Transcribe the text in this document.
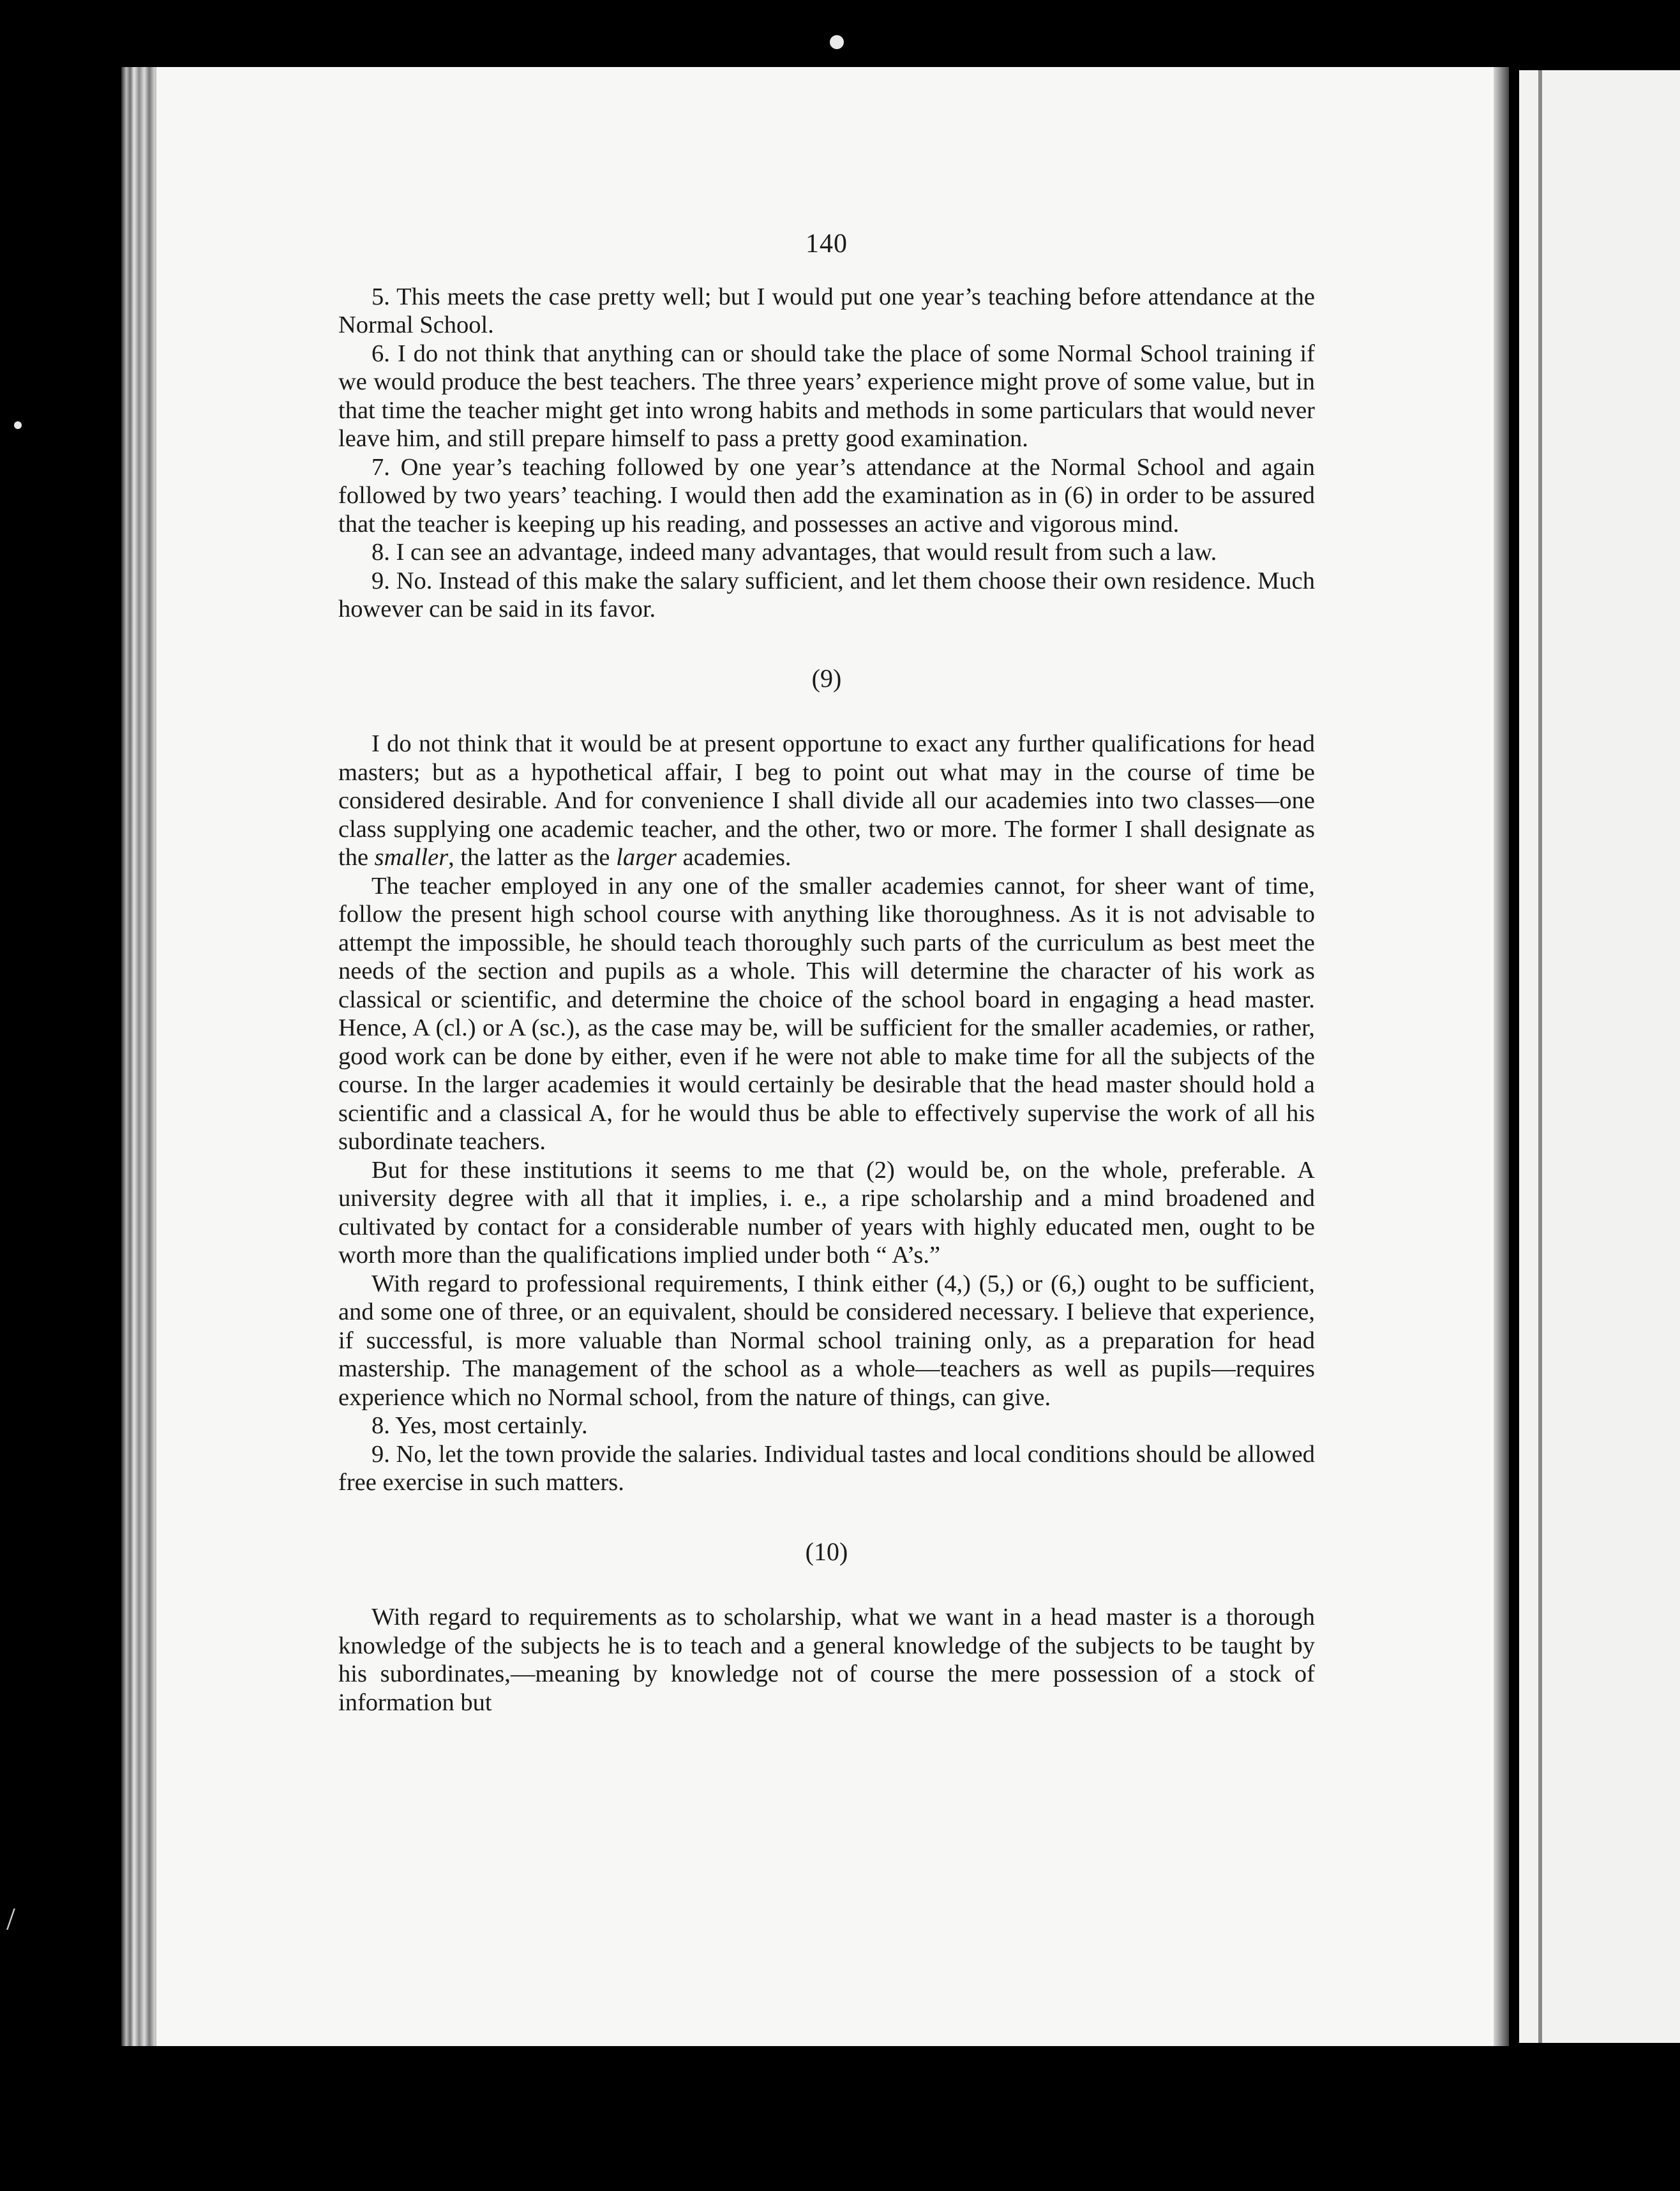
/
140

5. This meets the case pretty well; but I would put one year’s teaching before attendance at the Normal School.

6. I do not think that anything can or should take the place of some Normal School training if we would produce the best teachers. The three years’ experience might prove of some value, but in that time the teacher might get into wrong habits and methods in some particulars that would never leave him, and still prepare himself to pass a pretty good examination.

7. One year’s teaching followed by one year’s attendance at the Normal School and again followed by two years’ teaching. I would then add the examination as in (6) in order to be assured that the teacher is keeping up his reading, and possesses an active and vigorous mind.

8. I can see an advantage, indeed many advantages, that would result from such a law.

9. No. Instead of this make the salary sufficient, and let them choose their own residence. Much however can be said in its favor.

(9)

I do not think that it would be at present opportune to exact any further qualifications for head masters; but as a hypothetical affair, I beg to point out what may in the course of time be considered desirable. And for convenience I shall divide all our academies into two classes—one class supplying one academic teacher, and the other, two or more. The former I shall designate as the smaller, the latter as the larger academies.

The teacher employed in any one of the smaller academies cannot, for sheer want of time, follow the present high school course with anything like thoroughness. As it is not advisable to attempt the impossible, he should teach thoroughly such parts of the curriculum as best meet the needs of the section and pupils as a whole. This will determine the character of his work as classical or scientific, and determine the choice of the school board in engaging a head master. Hence, A (cl.) or A (sc.), as the case may be, will be sufficient for the smaller academies, or rather, good work can be done by either, even if he were not able to make time for all the subjects of the course. In the larger academies it would certainly be desirable that the head master should hold a scientific and a classical A, for he would thus be able to effectively supervise the work of all his subordinate teachers.

But for these institutions it seems to me that (2) would be, on the whole, preferable. A university degree with all that it implies, i. e., a ripe scholarship and a mind broadened and cultivated by contact for a considerable number of years with highly educated men, ought to be worth more than the qualifications implied under both “ A’s.”

With regard to professional requirements, I think either (4,) (5,) or (6,) ought to be sufficient, and some one of three, or an equivalent, should be considered necessary. I believe that experience, if successful, is more valuable than Normal school training only, as a preparation for head mastership. The management of the school as a whole—teachers as well as pupils—requires experience which no Normal school, from the nature of things, can give.

8. Yes, most certainly.

9. No, let the town provide the salaries. Individual tastes and local conditions should be allowed free exercise in such matters.

(10)

With regard to requirements as to scholarship, what we want in a head master is a thorough knowledge of the subjects he is to teach and a general knowledge of the subjects to be taught by his subordinates,—meaning by knowledge not of course the mere possession of a stock of information but
